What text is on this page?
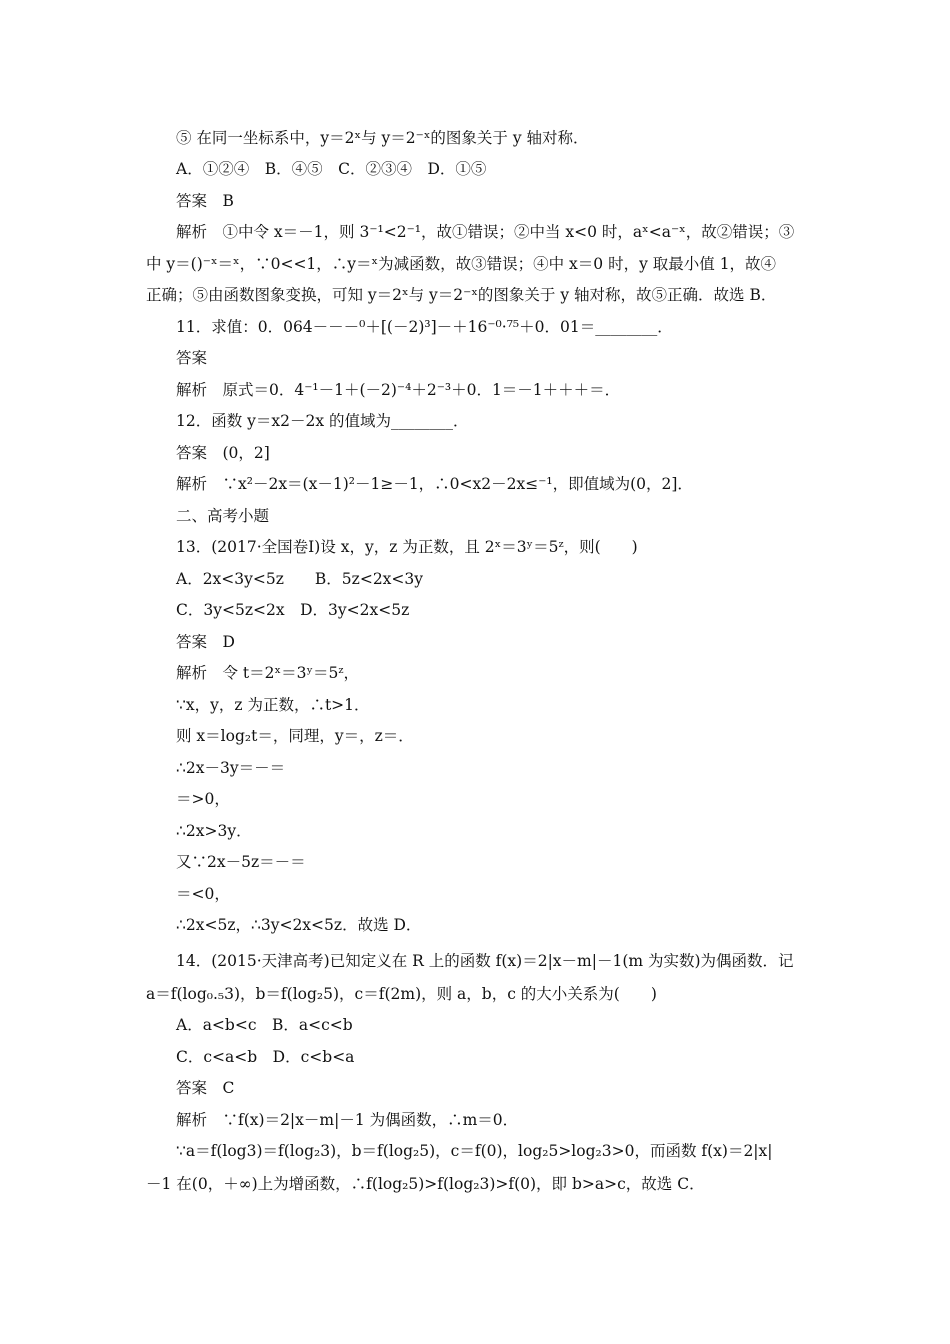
⑤ 在同一坐标系中，y＝2ˣ与 y＝2⁻ˣ的图象关于 y 轴对称．
A．①②④　B．④⑤　C．②③④　D．①⑤
答案　B
解析　①中令 x＝－1，则 3⁻¹<2⁻¹，故①错误；②中当 x<0 时，aˣ<a⁻ˣ，故②错误；③
中 y＝()⁻ˣ＝ˣ，∵0<<1，∴y＝ˣ为减函数，故③错误；④中 x＝0 时，y 取最小值 1，故④
正确；⑤由函数图象变换，可知 y＝2ˣ与 y＝2⁻ˣ的图象关于 y 轴对称，故⑤正确．故选 B．
11．求值：0．064－－－⁰＋[(－2)³]－＋16⁻⁰·⁷⁵＋0．01＝________．
答案
解析　原式＝0．4⁻¹－1＋(－2)⁻⁴＋2⁻³＋0．1＝－1＋＋＋＝．
12．函数 y＝x2－2x 的值域为________．
答案　(0，2]
解析　∵x²－2x＝(x－1)²－1≥－1，∴0<x2－2x≤⁻¹，即值域为(0，2]．
二、高考小题
13．(2017·全国卷Ⅰ)设 x，y，z 为正数，且 2ˣ＝3ʸ＝5ᶻ，则(　　)
A．2x<3y<5z　　B．5z<2x<3y
C．3y<5z<2x　D．3y<2x<5z
答案　D
解析　令 t＝2ˣ＝3ʸ＝5ᶻ，
∵x，y，z 为正数，∴t>1．
则 x＝log₂t＝，同理，y＝，z＝．
∴2x－3y＝－＝
＝>0，
∴2x>3y．
又∵2x－5z＝－＝
＝<0，
∴2x<5z，∴3y<2x<5z．故选 D．
14．(2015·天津高考)已知定义在 R 上的函数 f(x)＝2|x－m|－1(m 为实数)为偶函数．记
a＝f(log₀.₅3)，b＝f(log₂5)，c＝f(2m)，则 a，b，c 的大小关系为(　　)
A．a<b<c　B．a<c<b
C．c<a<b　D．c<b<a
答案　C
解析　∵f(x)＝2|x－m|－1 为偶函数，∴m＝0．
∵a＝f(log3)＝f(log₂3)，b＝f(log₂5)，c＝f(0)，log₂5>log₂3>0，而函数 f(x)＝2|x|
－1 在(0，＋∞)上为增函数，∴f(log₂5)>f(log₂3)>f(0)，即 b>a>c，故选 C．
